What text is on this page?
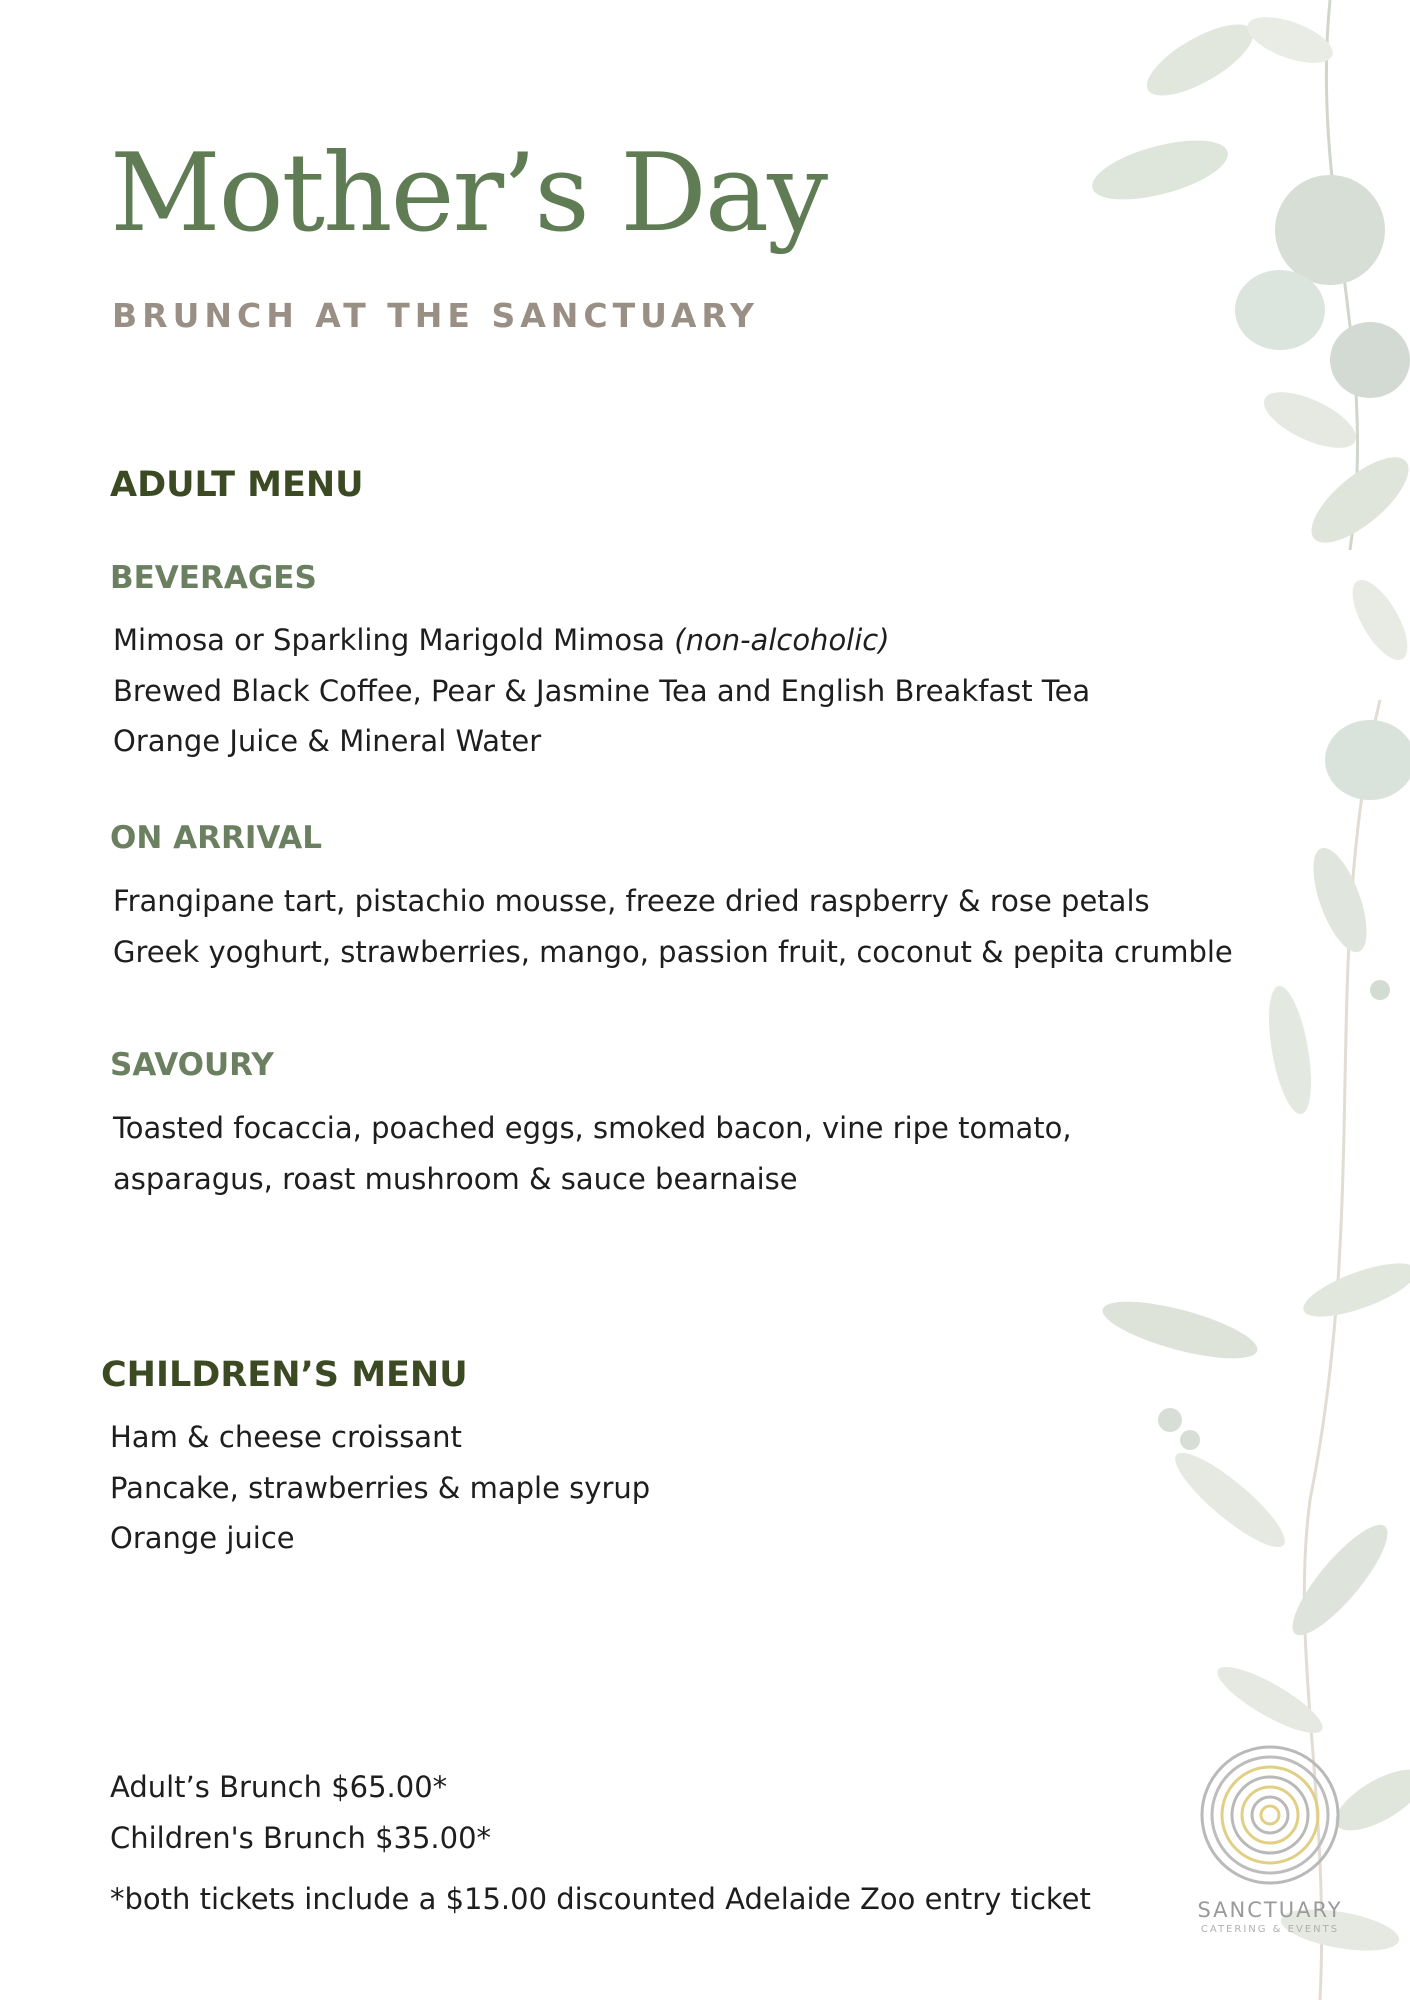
Mother’s Day
BRUNCH AT THE SANCTUARY
ADULT MENU
BEVERAGES
Mimosa or Sparkling Marigold Mimosa (non-alcoholic)
Brewed Black Coffee, Pear & Jasmine Tea and English Breakfast Tea
Orange Juice & Mineral Water
ON ARRIVAL
Frangipane tart, pistachio mousse, freeze dried raspberry & rose petals
Greek yoghurt, strawberries, mango, passion fruit, coconut & pepita crumble
SAVOURY
Toasted focaccia, poached eggs, smoked bacon, vine ripe tomato,
asparagus, roast mushroom & sauce bearnaise
CHILDREN’S MENU
Ham & cheese croissant
Pancake, strawberries & maple syrup
Orange juice
Adult’s Brunch $65.00*
Children's Brunch $35.00*
*both tickets include a $15.00 discounted Adelaide Zoo entry ticket	SANCTUARY
CATERING & EVENTS
